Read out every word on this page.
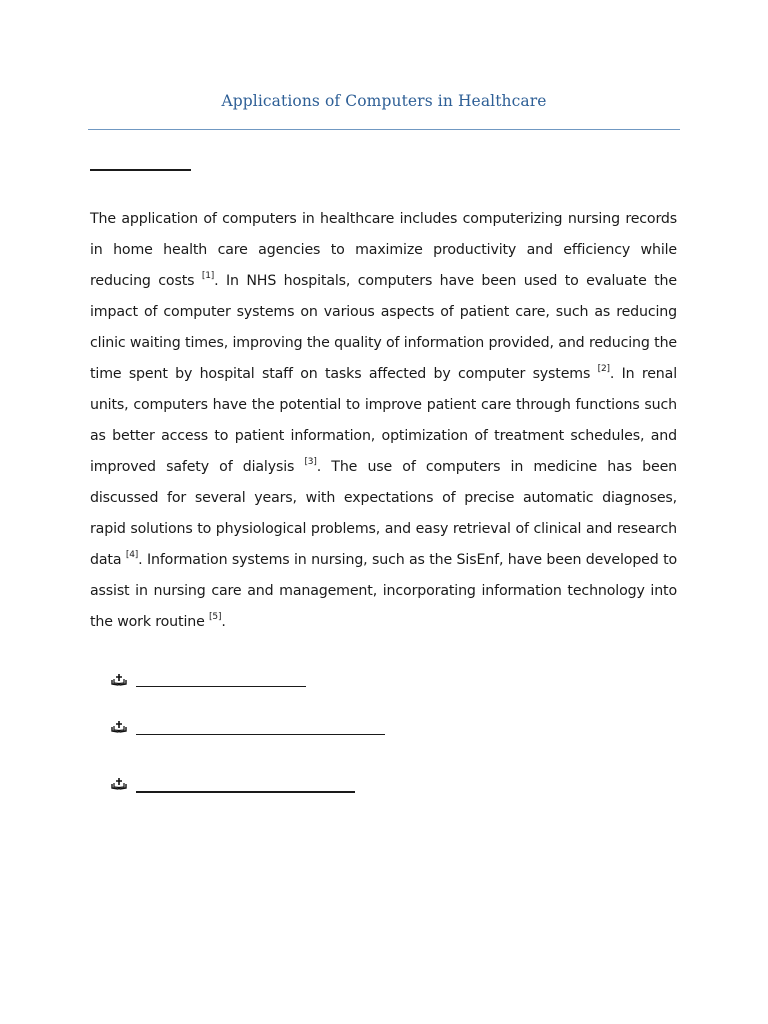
Applications of Computers in Healthcare

The application of computers in healthcare includes computerizing nursing records in home health care agencies to maximize productivity and efficiency while reducing costs [1]. In NHS hospitals, computers have been used to evaluate the impact of computer systems on various aspects of patient care, such as reducing clinic waiting times, improving the quality of information provided, and reducing the time spent by hospital staff on tasks affected by computer systems [2]. In renal units, computers have the potential to improve patient care through functions such as better access to patient information, optimization of treatment schedules, and improved safety of dialysis [3]. The use of computers in medicine has been discussed for several years, with expectations of precise automatic diagnoses, rapid solutions to physiological problems, and easy retrieval of clinical and research data [4]. Information systems in nursing, such as the SisEnf, have been developed to assist in nursing care and management, incorporating information technology into the work routine [5].
